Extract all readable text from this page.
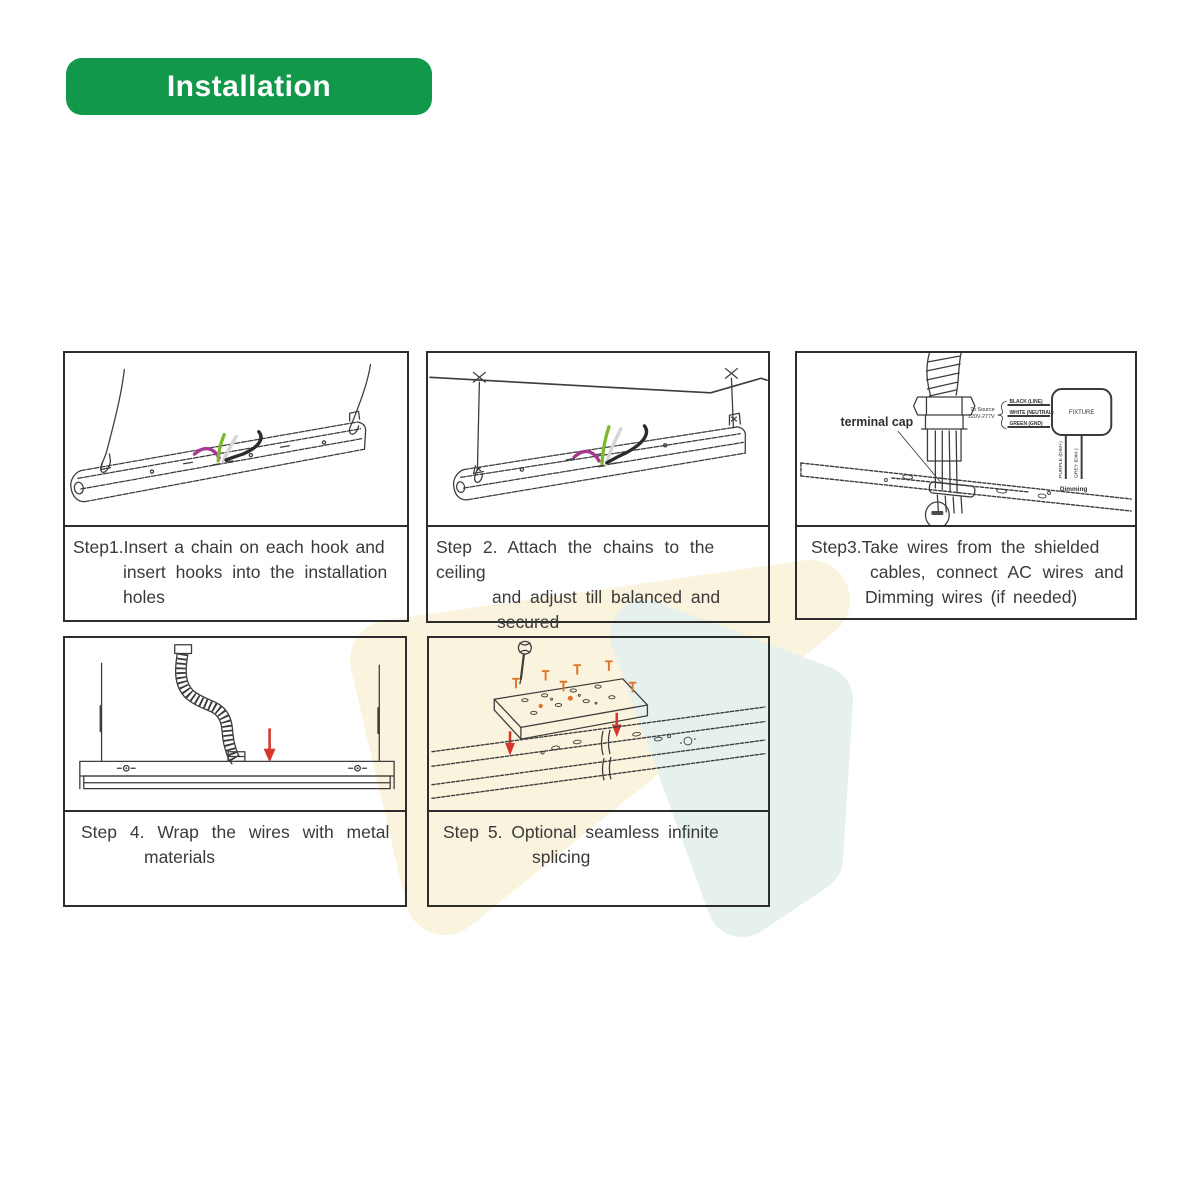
Installation
Step1.Insert a chain on each hook and
insert hooks into the installation
holes
Step 2. Attach the chains to the ceiling
and adjust till balanced and
secured
terminal cap
To Source
120V-277V
BLACK (LINE)
WHITE (NEUTRAL)
GREEN (GND)
FIXTURE
PURPLE (DIM+) GREY (DIM-)
Dimming
Step3.Take wires from the shielded
cables, connect AC wires and
Dimming wires (if needed)
Step 4. Wrap the wires with metal
materials
Step 5. Optional seamless infinite
splicing
